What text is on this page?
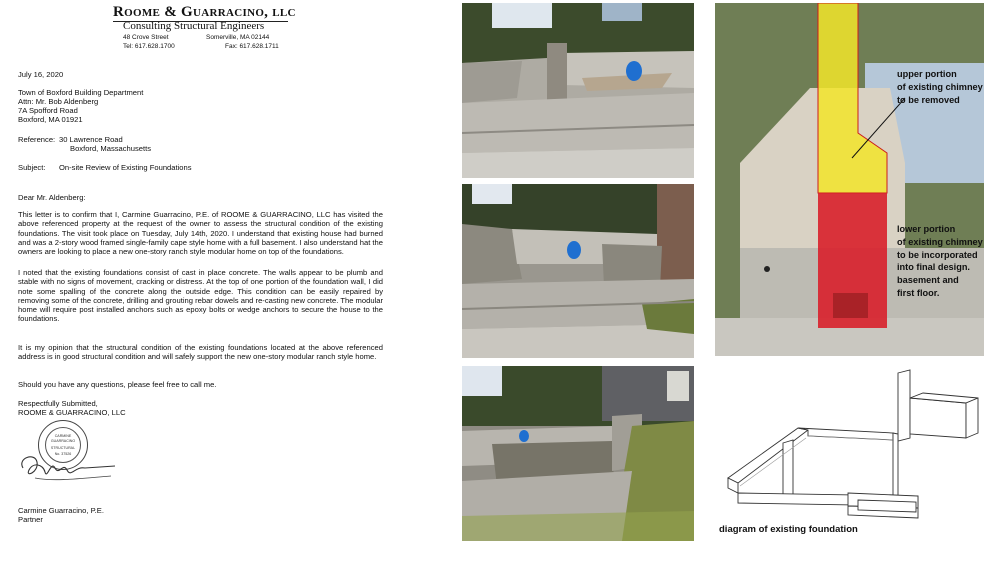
Roome & Guarracino, llc
Consulting Structural Engineers
48 Crove Street	Somerville, MA 02144
Tel: 617.628.1700	Fax: 617.628.1711
July 16, 2020
Town of Boxford Building Department
Attn: Mr. Bob Aldenberg
7A Spofford Road
Boxford, MA 01921
Reference: 30 Lawrence Road
Boxford, Massachusetts
Subject: On-site Review of Existing Foundations
Dear Mr. Aldenberg:
This letter is to confirm that I, Carmine Guarracino, P.E. of ROOME & GUARRACINO, LLC has visited the above referenced property at the request of the owner to assess the structural condition of the existing foundations. The visit took place on Tuesday, July 14th, 2020. I understand that existing house had burned and was a 2-story wood framed single-family cape style home with a full basement. I also understand hat the owners are looking to place a new one-story ranch style modular home on top of the foundations.
I noted that the existing foundations consist of cast in place concrete. The walls appear to be plumb and stable with no signs of movement, cracking or distress. At the top of one portion of the foundation wall, I did note some spalling of the concrete along the outside edge. This condition can be easily repaired by removing some of the concrete, drilling and grouting rebar dowels and re-casting new concrete. The modular home will require post installed anchors such as epoxy bolts or wedge anchors to secure the house to the foundations.
It is my opinion that the structural condition of the existing foundations located at the above referenced address is in good structural condition and will safely support the new one-story modular ranch style home.
Should you have any questions, please feel free to call me.
Respectfully Submitted,
ROOME & GUARRACINO, LLC
CARMINE
GUARRACINO
STRUCTURAL
No. 37526
Carmine Guarracino, P.E.
Partner
upper portion
of existing chimney
to be removed
lower portion
of existing chimney
to be incorporated
into final design.
basement and
first floor.
diagram of existing foundation
